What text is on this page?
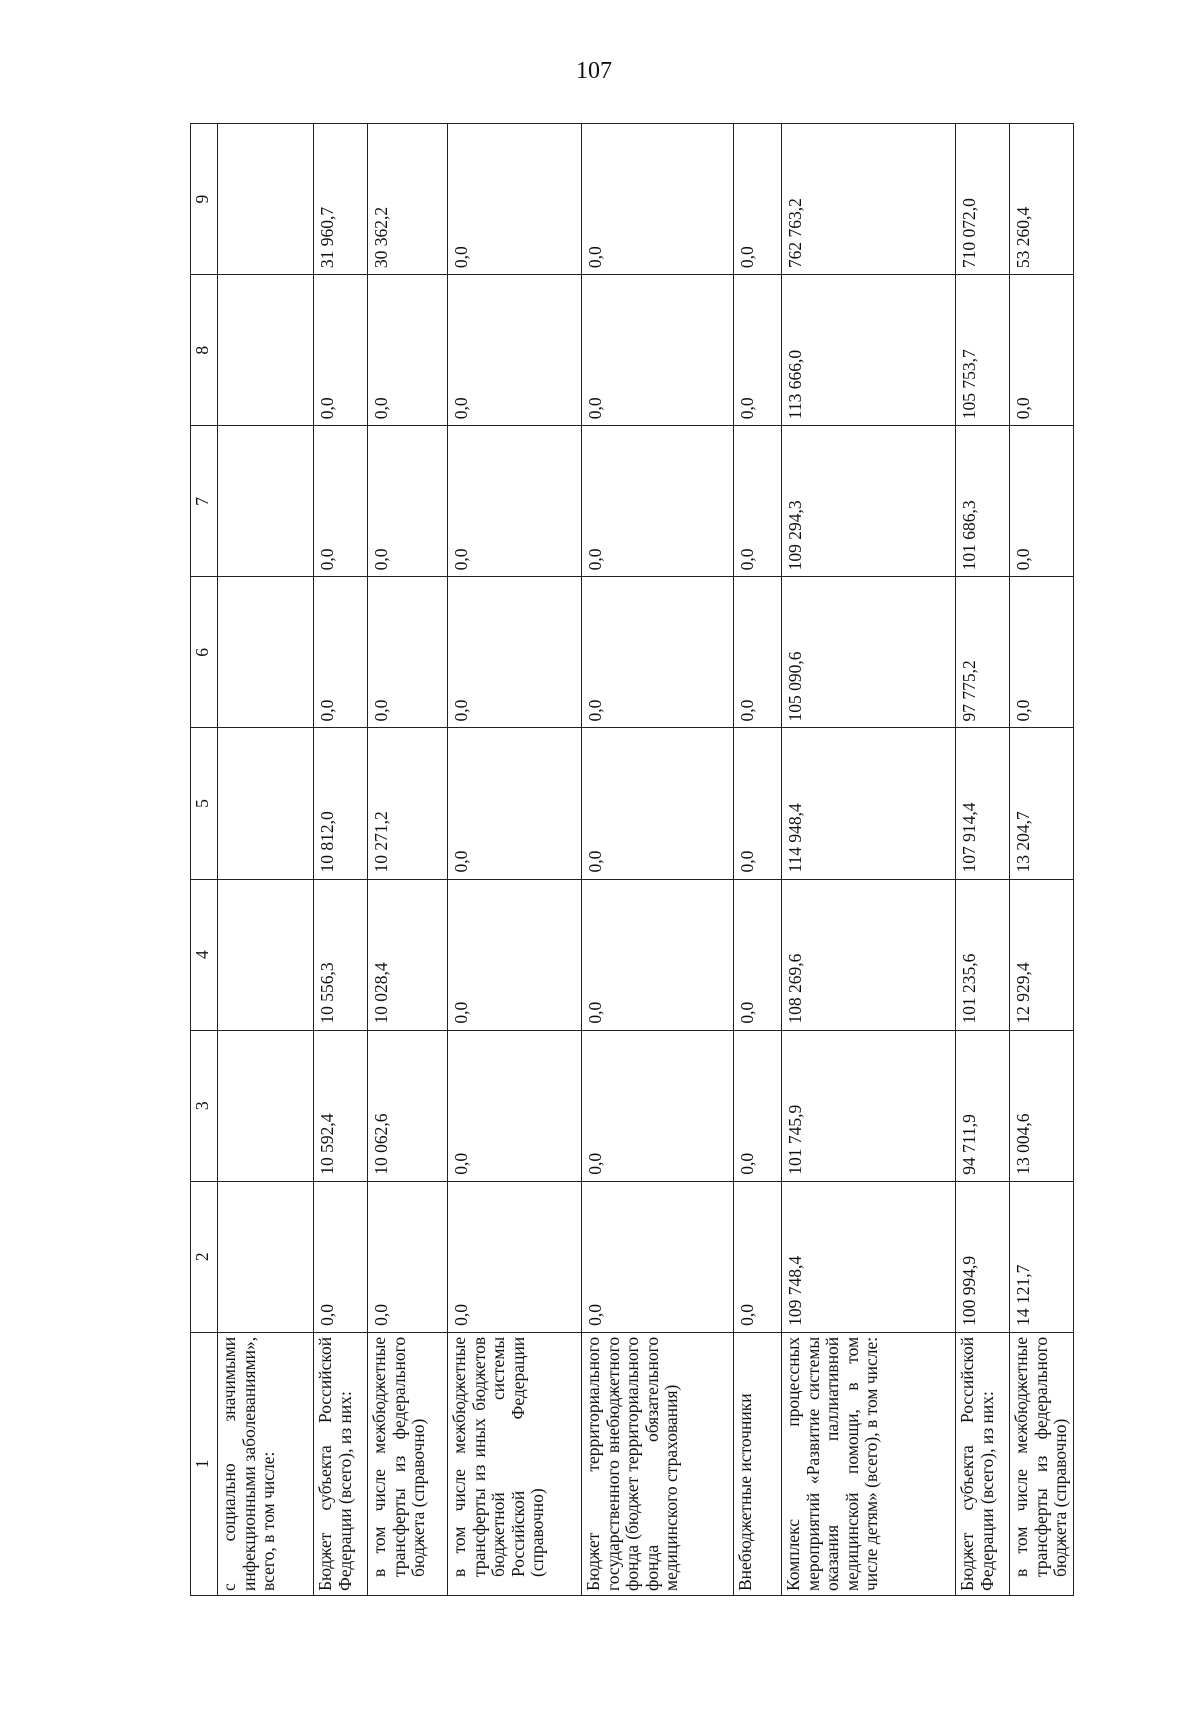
107
1	2	3	4	5	6	7	8	9
с социально значимыми инфекционными заболеваниями», всего, в том числе:								
Бюджет субъекта Российской Федерации (всего), из них:	0,0	10 592,4	10 556,3	10 812,0	0,0	0,0	0,0	31 960,7
в том числе межбюджетные трансферты из федерального бюджета (справочно)	0,0	10 062,6	10 028,4	10 271,2	0,0	0,0	0,0	30 362,2
в том числе межбюджетные трансферты из иных бюджетов бюджетной системы Российской Федерации (справочно)	0,0	0,0	0,0	0,0	0,0	0,0	0,0	0,0
Бюджет территориального государственного внебюджетного фонда (бюджет территориального фонда обязательного медицинского страхования)	0,0	0,0	0,0	0,0	0,0	0,0	0,0	0,0
Внебюджетные источники	0,0	0,0	0,0	0,0	0,0	0,0	0,0	0,0
Комплекс процессных мероприятий «Развитие системы оказания паллиативной медицинской помощи, в том числе детям» (всего), в том числе:	109 748,4	101 745,9	108 269,6	114 948,4	105 090,6	109 294,3	113 666,0	762 763,2
Бюджет субъекта Российской Федерации (всего), из них:	100 994,9	94 711,9	101 235,6	107 914,4	97 775,2	101 686,3	105 753,7	710 072,0
в том числе межбюджетные трансферты из федерального бюджета (справочно)	14 121,7	13 004,6	12 929,4	13 204,7	0,0	0,0	0,0	53 260,4
